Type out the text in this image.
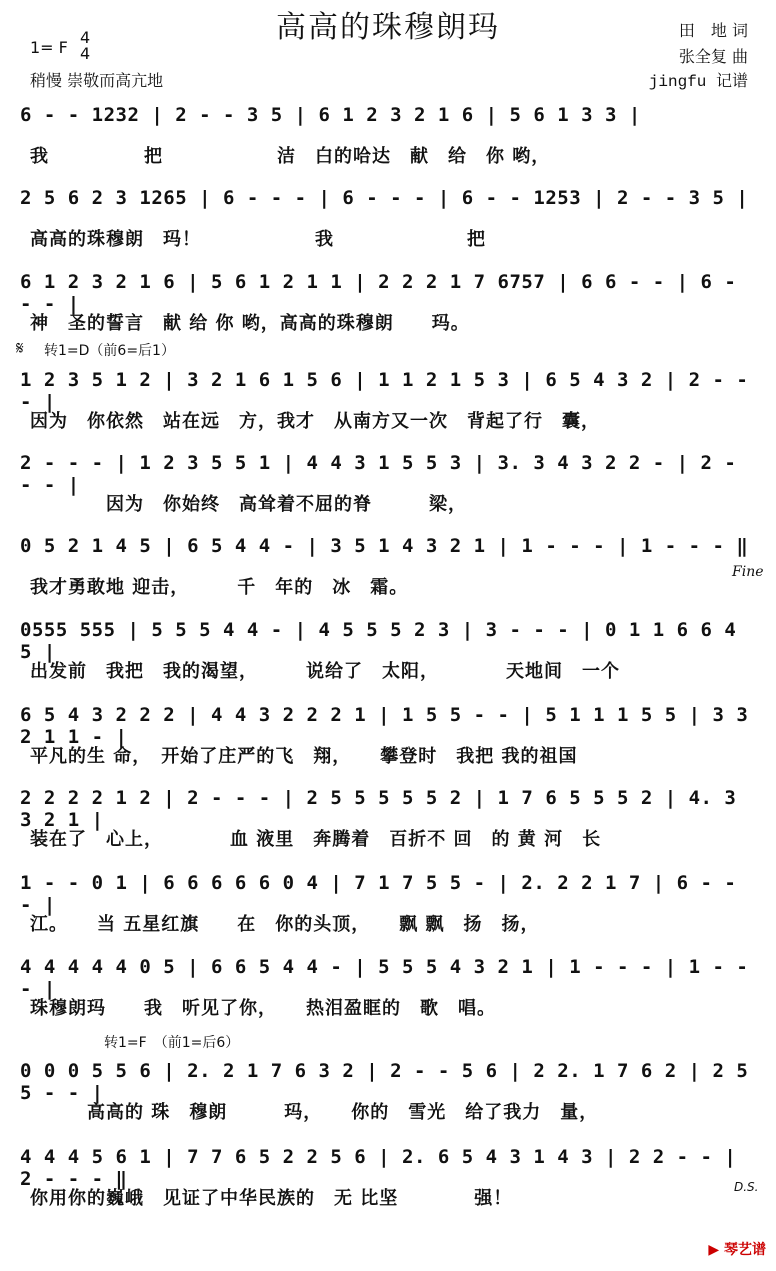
高高的珠穆朗玛
1= F
4
4
稍慢 崇敬而高亢地
田　地 词
张全复 曲
jingfu 记谱
6 - - 1232 | 2 - - 3 5 | 6 1 2 3 2 1 6 | 5 6 1 3 3 |
我　　　　　把　　　　　　洁　白的哈达　献　给　你 哟，
2 5 6 2 3 1265 | 6 - - - | 6 - - - | 6 - - 1253 | 2 - - 3 5 |
高高的珠穆朗　玛！　　　　　　我　　　　　　　把
6 1 2 3 2 1 6 | 5 6 1 2 1 1 | 2 2 2 1 7 6757 | 6 6 - - | 6 - - - |
神　圣的誓言　献 给 你 哟，高高的珠穆朗　　玛。
1 2 3 5 1 2 | 3 2 1 6 1 5 6 | 1 1 2 1 5 3 | 6 5 4 3 2 | 2 - - - |
因为　你依然　站在远　方，我才　从南方又一次　背起了行　囊，
2 - - - | 1 2 3 5 5 1 | 4 4 3 1 5 5 3 | 3. 3 4 3 2 2 - | 2 - - - |
　　　　因为　你始终　高耸着不屈的脊　　　梁，
0 5 2 1 4 5 | 6 5 4 4 - | 3 5 1 4 3 2 1 | 1 - - - | 1 - - - ‖
我才勇敢地 迎击，　　　千　年的　冰　霜。
0555 555 | 5 5 5 4 4 - | 4 5 5 5 2 3 | 3 - - - | 0 1 1 6 6 4 5 |
出发前　我把　我的渴望，　　　说给了　太阳，　　　　天地间　一个
6 5 4 3 2 2 2 | 4 4 3 2 2 2 1 | 1 5 5 - - | 5 1 1 1 5 5 | 3 3 2 1 1 - |
平凡的生 命，　开始了庄严的飞　翔，　　攀登时　我把 我的祖国
2 2 2 2 1 2 | 2 - - - | 2 5 5 5 5 5 2 | 1 7 6 5 5 5 2 | 4. 3 3 2 1 |
装在了　心上，　　　　血 液里　奔腾着　百折不 回　的 黄 河　长
1 - - 0 1 | 6 6 6 6 6 0 4 | 7 1 7 5 5 - | 2. 2 2 1 7 | 6 - - - |
江。　　当 五星红旗　　在　你的头顶，　　飘 飘　扬　扬，
4 4 4 4 4 0 5 | 6 6 5 4 4 - | 5 5 5 4 3 2 1 | 1 - - - | 1 - - - |
珠穆朗玛　　我　听见了你，　　热泪盈眶的　歌　唱。
0 0 0 5 5 6 | 2. 2 1 7 6 3 2 | 2 - - 5 6 | 2 2. 1 7 6 2 | 2 5 5 - - |
　　　高高的 珠　穆朗　　　玛，　　你的　雪光　给了我力　量，
4 4 4 5 6 1 | 7 7 6 5 2 2 5 6 | 2. 6 5 4 3 1 4 3 | 2 2 - - | 2 - - - ‖
你用你的巍峨　见证了中华民族的　无 比坚　　　　强！
𝄋 转1=D（前6=后1）
Fine
转1=F　（前1=后6）
D.S.
▶ 琴艺谱
